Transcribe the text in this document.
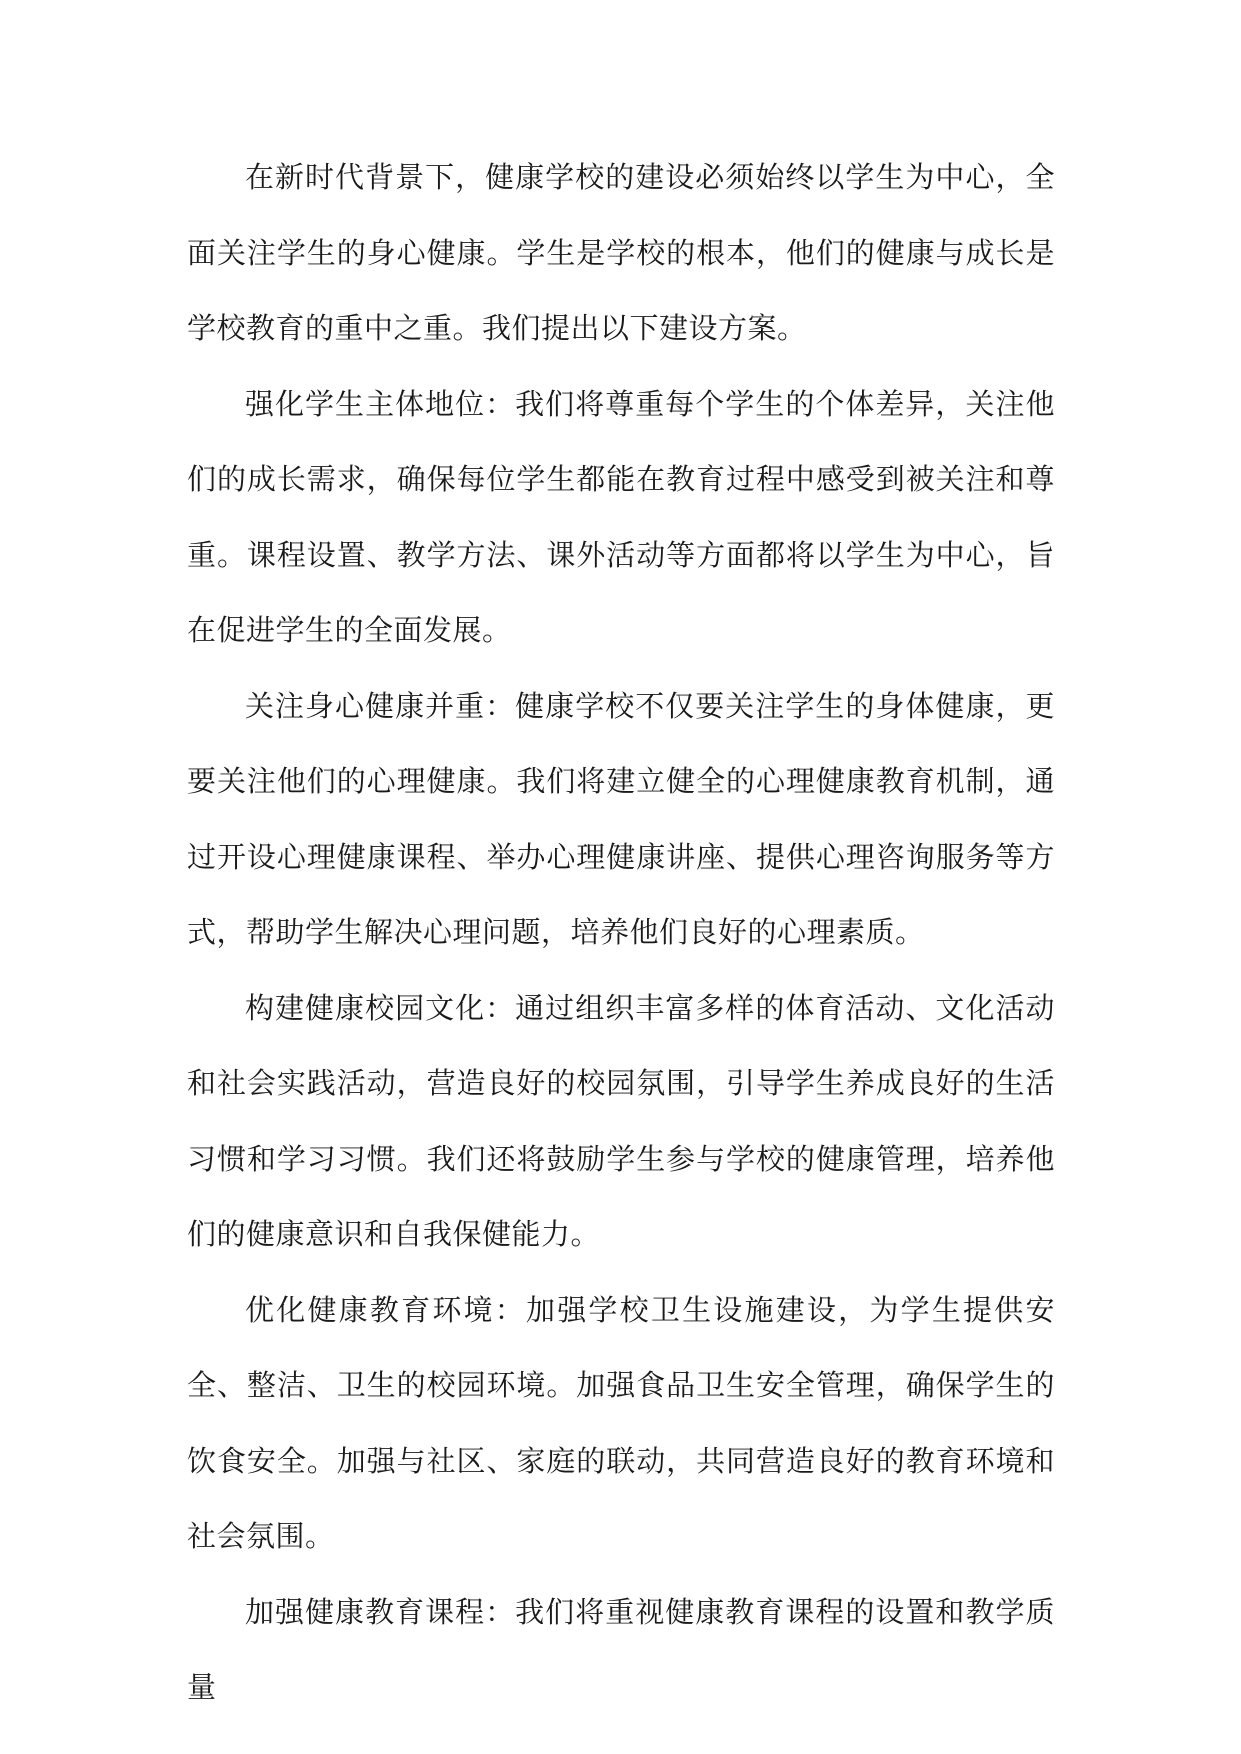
在新时代背景下，健康学校的建设必须始终以学生为中心，全面关注学生的身心健康。学生是学校的根本，他们的健康与成长是学校教育的重中之重。我们提出以下建设方案。

强化学生主体地位：我们将尊重每个学生的个体差异，关注他们的成长需求，确保每位学生都能在教育过程中感受到被关注和尊重。课程设置、教学方法、课外活动等方面都将以学生为中心，旨在促进学生的全面发展。

关注身心健康并重：健康学校不仅要关注学生的身体健康，更要关注他们的心理健康。我们将建立健全的心理健康教育机制，通过开设心理健康课程、举办心理健康讲座、提供心理咨询服务等方式，帮助学生解决心理问题，培养他们良好的心理素质。

构建健康校园文化：通过组织丰富多样的体育活动、文化活动和社会实践活动，营造良好的校园氛围，引导学生养成良好的生活习惯和学习习惯。我们还将鼓励学生参与学校的健康管理，培养他们的健康意识和自我保健能力。

优化健康教育环境：加强学校卫生设施建设，为学生提供安全、整洁、卫生的校园环境。加强食品卫生安全管理，确保学生的饮食安全。加强与社区、家庭的联动，共同营造良好的教育环境和社会氛围。

加强健康教育课程：我们将重视健康教育课程的设置和教学质量
